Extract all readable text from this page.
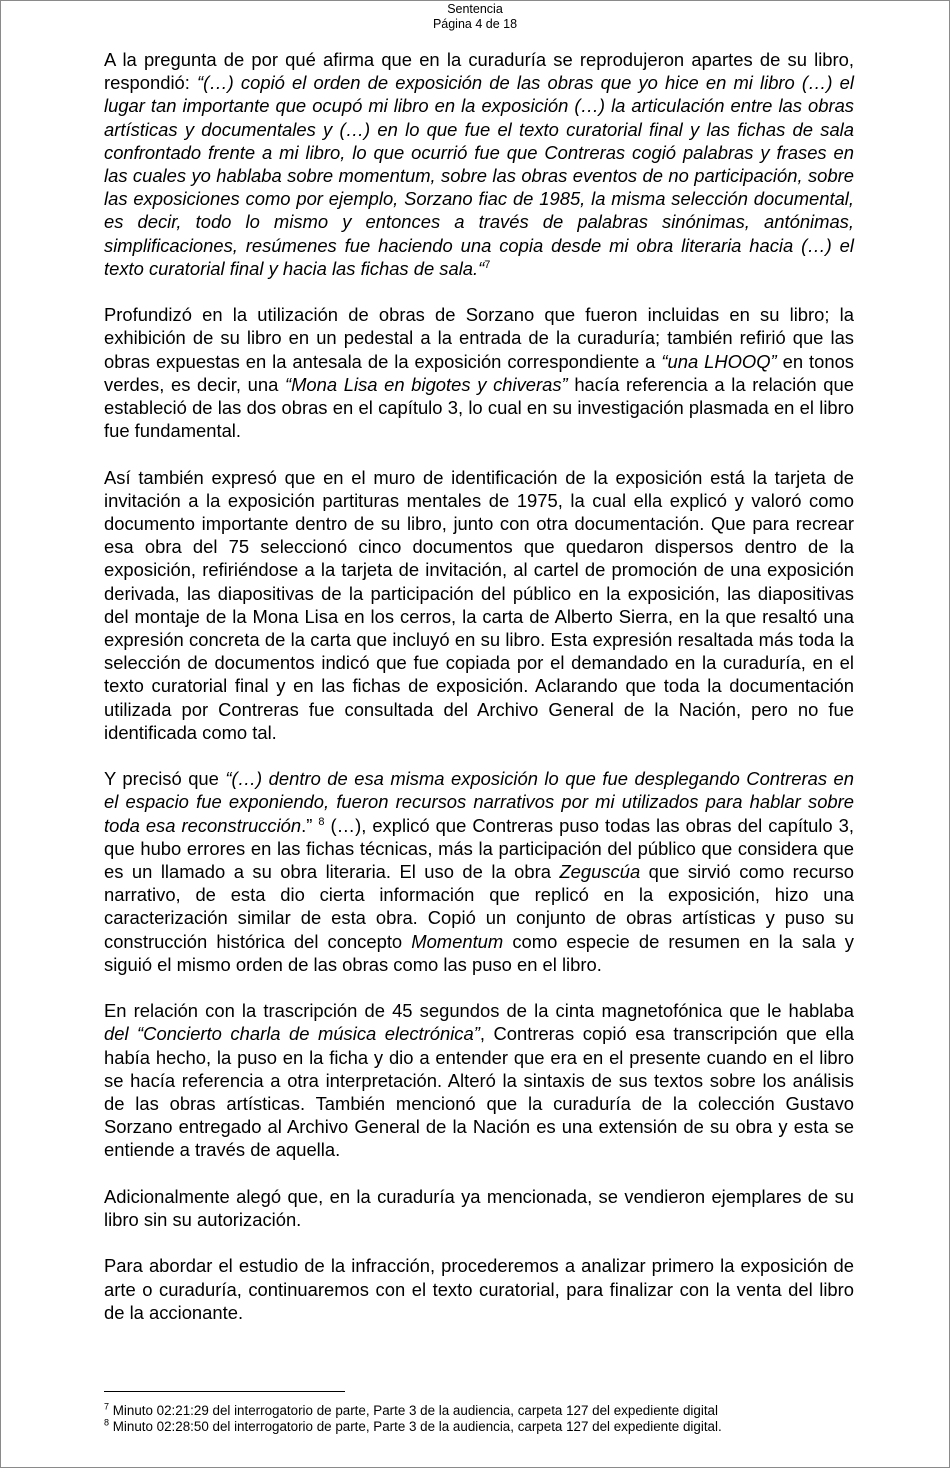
Sentencia
Página 4 de 18

A la pregunta de por qué afirma que en la curaduría se reprodujeron apartes de su libro, respondió: “(…) copió el orden de exposición de las obras que yo hice en mi libro (…) el lugar tan importante que ocupó mi libro en la exposición (…) la articulación entre las obras artísticas y documentales y (…) en lo que fue el texto curatorial final y las fichas de sala confrontado frente a mi libro, lo que ocurrió fue que Contreras cogió palabras y frases en las cuales yo hablaba sobre momentum, sobre las obras eventos de no participación, sobre las exposiciones como por ejemplo, Sorzano fiac de 1985, la misma selección documental, es decir, todo lo mismo y entonces a través de palabras sinónimas, antónimas, simplificaciones, resúmenes fue haciendo una copia desde mi obra literaria hacia (…) el texto curatorial final y hacia las fichas de sala.“$^7$

Profundizó en la utilización de obras de Sorzano que fueron incluidas en su libro; la exhibición de su libro en un pedestal a la entrada de la curaduría; también refirió que las obras expuestas en la antesala de la exposición correspondiente a “una LHOOQ” en tonos verdes, es decir, una “Mona Lisa en bigotes y chiveras” hacía referencia a la relación que estableció de las dos obras en el capítulo 3, lo cual en su investigación plasmada en el libro fue fundamental.

Así también expresó que en el muro de identificación de la exposición está la tarjeta de invitación a la exposición partituras mentales de 1975, la cual ella explicó y valoró como documento importante dentro de su libro, junto con otra documentación. Que para recrear esa obra del 75 seleccionó cinco documentos que quedaron dispersos dentro de la exposición, refiriéndose a la tarjeta de invitación, al cartel de promoción de una exposición derivada, las diapositivas de la participación del público en la exposición, las diapositivas del montaje de la Mona Lisa en los cerros, la carta de Alberto Sierra, en la que resaltó una expresión concreta de la carta que incluyó en su libro. Esta expresión resaltada más toda la selección de documentos indicó que fue copiada por el demandado en la curaduría, en el texto curatorial final y en las fichas de exposición. Aclarando que toda la documentación utilizada por Contreras fue consultada del Archivo General de la Nación, pero no fue identificada como tal.

Y precisó que “(…) dentro de esa misma exposición lo que fue desplegando Contreras en el espacio fue exponiendo, fueron recursos narrativos por mi utilizados para hablar sobre toda esa reconstrucción.” $^8$ (…), explicó que Contreras puso todas las obras del capítulo 3, que hubo errores en las fichas técnicas, más la participación del público que considera que es un llamado a su obra literaria. El uso de la obra Zeguscúa que sirvió como recurso narrativo, de esta dio cierta información que replicó en la exposición, hizo una caracterización similar de esta obra. Copió un conjunto de obras artísticas y puso su construcción histórica del concepto Momentum como especie de resumen en la sala y siguió el mismo orden de las obras como las puso en el libro.

En relación con la trascripción de 45 segundos de la cinta magnetofónica que le hablaba del “Concierto charla de música electrónica”, Contreras copió esa transcripción que ella había hecho, la puso en la ficha y dio a entender que era en el presente cuando en el libro se hacía referencia a otra interpretación. Alteró la sintaxis de sus textos sobre los análisis de las obras artísticas. También mencionó que la curaduría de la colección Gustavo Sorzano entregado al Archivo General de la Nación es una extensión de su obra y esta se entiende a través de aquella.

Adicionalmente alegó que, en la curaduría ya mencionada, se vendieron ejemplares de su libro sin su autorización.

Para abordar el estudio de la infracción, procederemos a analizar primero la exposición de arte o curaduría, continuaremos con el texto curatorial, para finalizar con la venta del libro de la accionante.

$^7$ Minuto 02:21:29 del interrogatorio de parte, Parte 3 de la audiencia, carpeta 127 del expediente digital
$^8$ Minuto 02:28:50 del interrogatorio de parte, Parte 3 de la audiencia, carpeta 127 del expediente digital.
